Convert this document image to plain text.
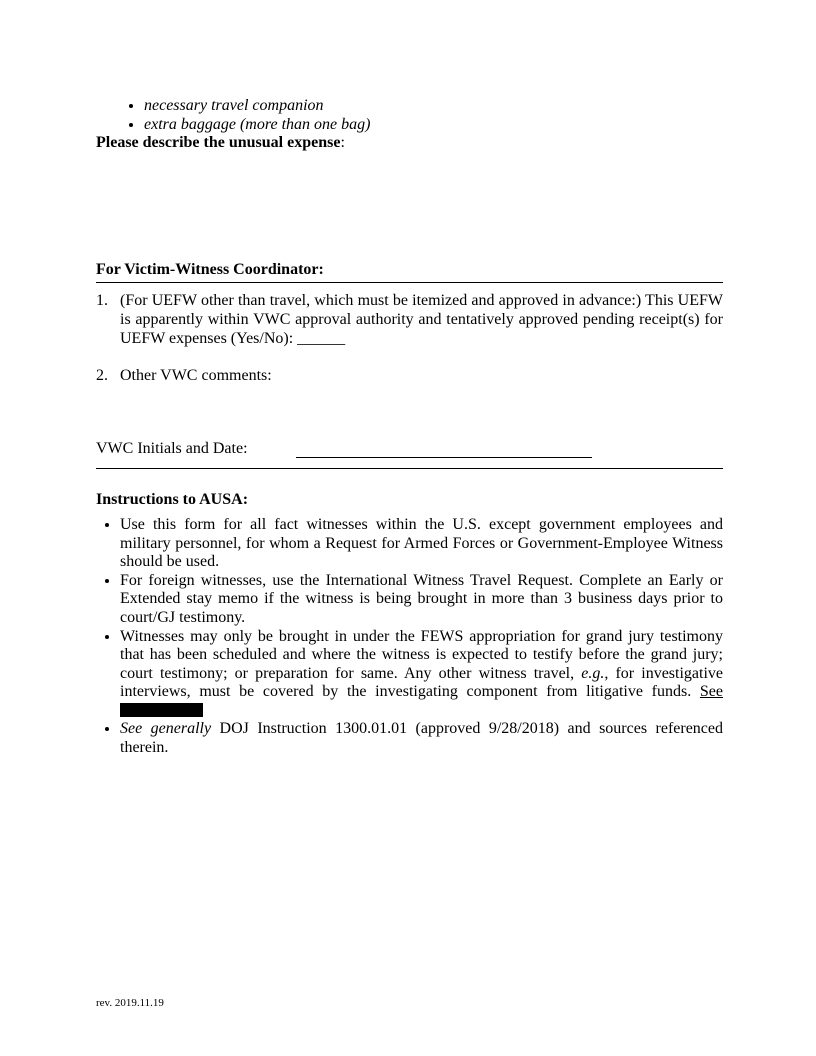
• necessary travel companion
• extra baggage (more than one bag)

Please describe the unusual expense:

For Victim-Witness Coordinator:
1. (For UEFW other than travel, which must be itemized and approved in advance:) This UEFW is apparently within VWC approval authority and tentatively approved pending receipt(s) for UEFW expenses (Yes/No): ______
2. Other VWC comments:
VWC Initials and Date:
Instructions to AUSA:
• Use this form for all fact witnesses within the U.S. except government employees and military personnel, for whom a Request for Armed Forces or Government-Employee Witness should be used.
• For foreign witnesses, use the International Witness Travel Request. Complete an Early or Extended stay memo if the witness is being brought in more than 3 business days prior to court/GJ testimony.
• Witnesses may only be brought in under the FEWS appropriation for grand jury testimony that has been scheduled and where the witness is expected to testify before the grand jury; court testimony; or preparation for same. Any other witness travel, e.g., for investigative interviews, must be covered by the investigating component from litigative funds. See
• See generally DOJ Instruction 1300.01.01 (approved 9/28/2018) and sources referenced therein.
rev. 2019.11.19
